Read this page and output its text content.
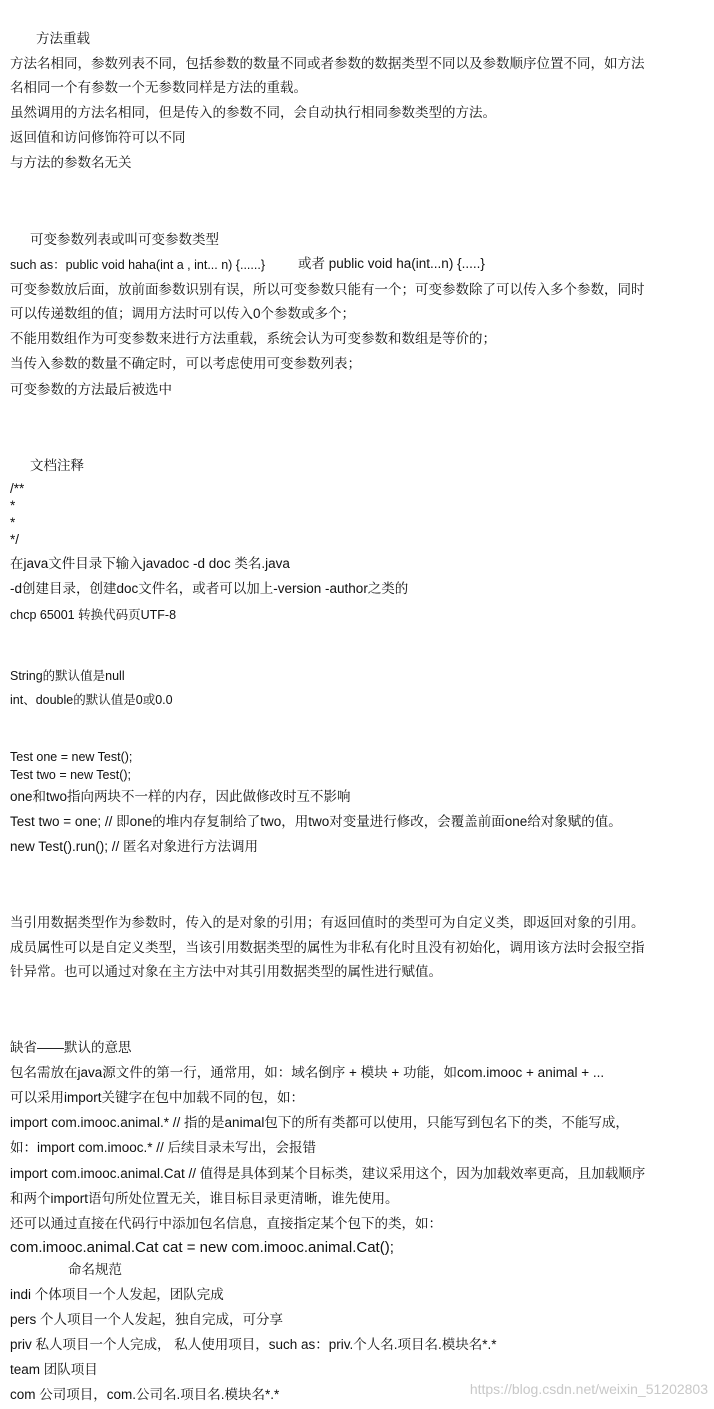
方法重载
方法名相同，参数列表不同，包括参数的数量不同或者参数的数据类型不同以及参数顺序位置不同，如方法
名相同一个有参数一个无参数同样是方法的重载。
虽然调用的方法名相同，但是传入的参数不同，会自动执行相同参数类型的方法。
返回值和访问修饰符可以不同
与方法的参数名无关
可变参数列表或叫可变参数类型
such as：public void haha(int a , int... n) {......} 或者 public void ha(int...n) {.....}
可变参数放后面，放前面参数识别有误，所以可变参数只能有一个；可变参数除了可以传入多个参数，同时
可以传递数组的值；调用方法时可以传入0个参数或多个；
不能用数组作为可变参数来进行方法重载，系统会认为可变参数和数组是等价的；
当传入参数的数量不确定时，可以考虑使用可变参数列表；
可变参数的方法最后被选中
文档注释
/**
*
*
*/
在java文件目录下输入javadoc -d doc 类名.java
-d创建目录，创建doc文件名，或者可以加上-version -author之类的
chcp 65001 转换代码页UTF-8
String的默认值是null
int、double的默认值是0或0.0
Test one = new Test();
Test two = new Test();
one和two指向两块不一样的内存，因此做修改时互不影响
Test two = one; // 即one的堆内存复制给了two，用two对变量进行修改，会覆盖前面one给对象赋的值。
new Test().run(); // 匿名对象进行方法调用
当引用数据类型作为参数时，传入的是对象的引用；有返回值时的类型可为自定义类，即返回对象的引用。
成员属性可以是自定义类型，当该引用数据类型的属性为非私有化时且没有初始化，调用该方法时会报空指
针异常。也可以通过对象在主方法中对其引用数据类型的属性进行赋值。
缺省——默认的意思
包名需放在java源文件的第一行，通常用，如：域名倒序 + 模块 + 功能，如com.imooc + animal + ...
可以采用import关键字在包中加载不同的包，如：
import com.imooc.animal.* // 指的是animal包下的所有类都可以使用，只能写到包名下的类，不能写成，
如：import com.imooc.* // 后续目录未写出，会报错
import com.imooc.animal.Cat // 值得是具体到某个目标类，建议采用这个，因为加载效率更高，且加载顺序
和两个import语句所处位置无关，谁目标目录更清晰，谁先使用。
还可以通过直接在代码行中添加包名信息，直接指定某个包下的类，如：
com.imooc.animal.Cat cat = new com.imooc.animal.Cat();
命名规范
indi 个体项目一个人发起，团队完成
pers 个人项目一个人发起，独自完成，可分享
priv 私人项目一个人完成， 私人使用项目，such as：priv.个人名.项目名.模块名*.*
team 团队项目
com 公司项目，com.公司名.项目名.模块名*.*	https://blog.csdn.net/weixin_51202803
